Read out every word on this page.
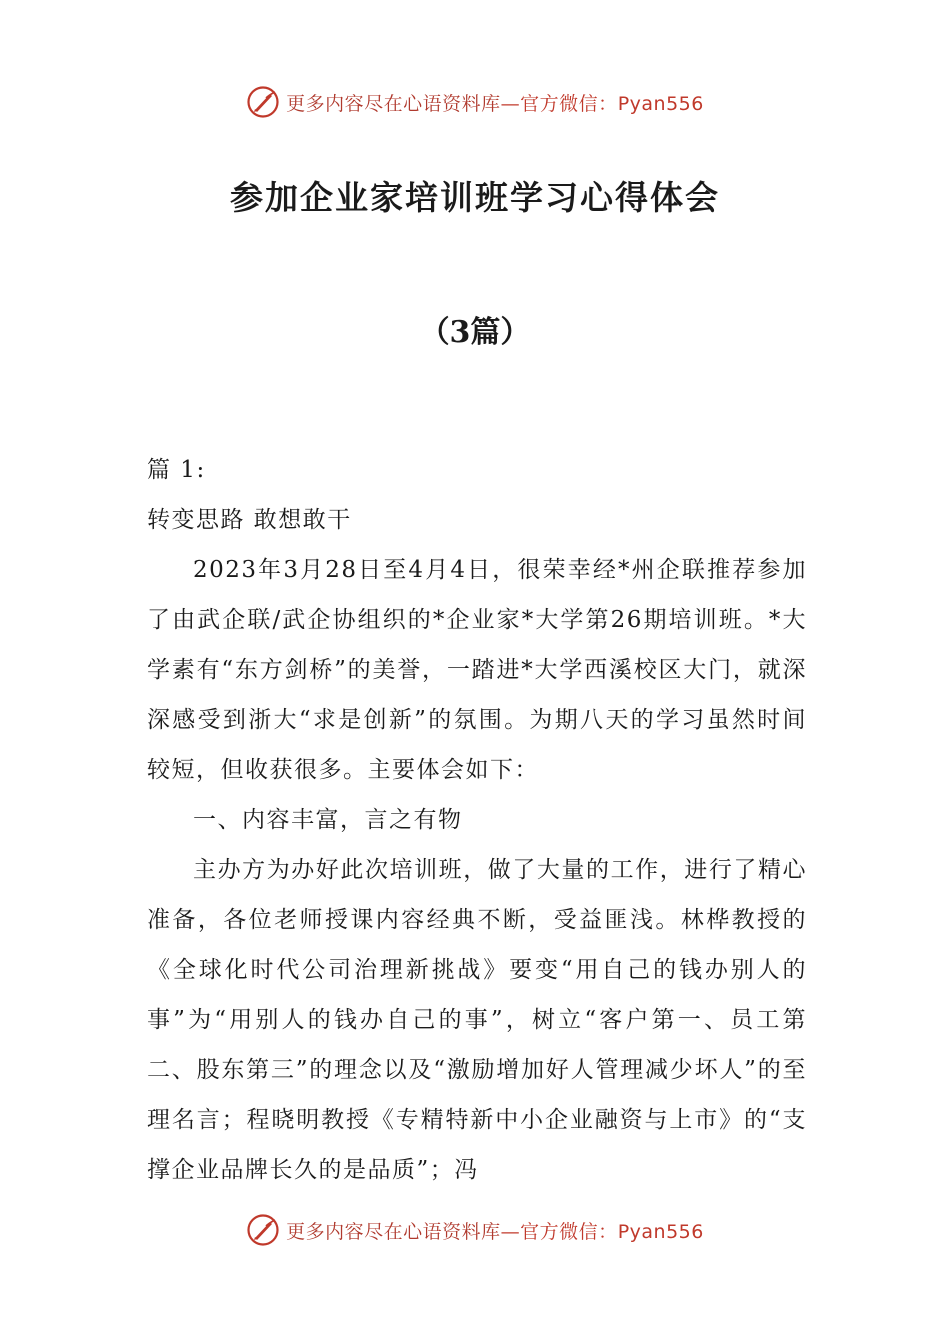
更多内容尽在心语资料库—官方微信：Pyan556
参加企业家培训班学习心得体会
（3篇）

篇 1:

转变思路 敢想敢干

2023年3月28日至4月4日，很荣幸经*州企联推荐参加了由武企联/武企协组织的*企业家*大学第26期培训班。*大学素有“东方剑桥”的美誉，一踏进*大学西溪校区大门，就深深感受到浙大“求是创新”的氛围。为期八天的学习虽然时间较短，但收获很多。主要体会如下：

一、内容丰富，言之有物

主办方为办好此次培训班，做了大量的工作，进行了精心准备，各位老师授课内容经典不断，受益匪浅。林桦教授的《全球化时代公司治理新挑战》要变“用自己的钱办别人的事”为“用别人的钱办自己的事”，树立“客户第一、员工第二、股东第三”的理念以及“激励增加好人管理减少坏人”的至理名言；程晓明教授《专精特新中小企业融资与上市》的“支撑企业品牌长久的是品质”；冯

更多内容尽在心语资料库—官方微信：Pyan556
